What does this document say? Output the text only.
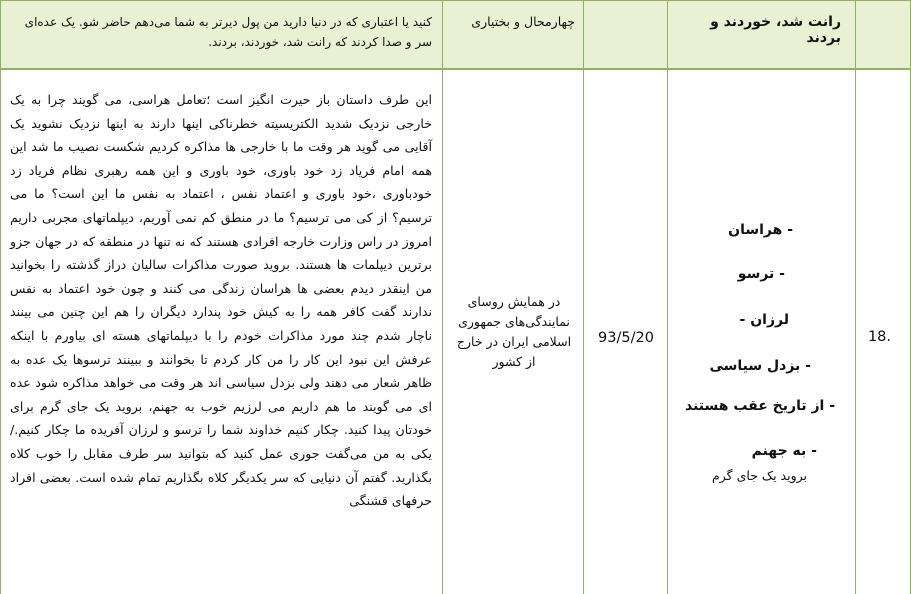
کنید یا اعتباری که در دنیا دارید من پول دیرتر به شما می‌دهم حاضر شو. یک عده‌ای سر و صدا کردند که رانت شد، خوردند، بردند.
چهارمحال و بختیاری	رانت شد، خوردند و بردند
این طرف داستان باز حیرت انگیز است ؛تعامل هراسی، می گویند چرا به یک خارجی نزدیک شدید الکتریسیته خطرناکی اینها دارند به اینها نزدیک نشوید یک آقایی می گوید هر وقت ما با خارجی ها مذاکره کردیم شکست نصیب ما شد این همه امام فریاد زد خود باوری، خود باوری و این همه رهبری نظام فریاد زد خودباوری ،خود باوری و اعتماد نفس ، اعتماد به نفس ما این است؟ ما می ترسیم؟ از کی می ترسیم؟ ما در منطق کم نمی آوریم، دیپلماتهای مجربی داریم امروز در راس وزارت خارجه افرادی هستند که نه تنها در منطقه که در جهان جزو برترین دیپلمات ها هستند. بروید صورت مذاکرات سالیان دراز گذشته را بخوانید من اینقدر دیدم بعضی ها هراسان زندگی می کنند و چون خود اعتماد به نفس ندارند گفت کافر همه را به کیش خود پندارد دیگران را هم این چنین می بینند ناچار شدم چند مورد مذاکرات خودم را با دیپلماتهای هسته ای بیاورم با اینکه عرفش این نبود این کار را من کار کردم تا بخوانند و ببینند ترسوها یک عده به ظاهر شعار می دهند ولی بزدل سیاسی اند هر وقت می خواهد مذاکره شود عده ای می گویند ما هم داریم می لرزیم خوب به جهنم، بروید یک جای گرم برای خودتان پیدا کنید. چکار کنیم خداوند شما را ترسو و لرزان آفریده ما چکار کنیم./ یکی به من می‌گفت جوری عمل کنید که بتوانید سر طرف مقابل را خوب کلاه بگذارید. گفتم آن دنیایی که سر یکدیگر کلاه بگذاریم تمام شده است. بعضی افراد حرفهای قشنگی
در همایش روسای نمایندگی‌های جمهوری اسلامی ایران در خارج از کشور
93/5/20
- هراسان
- ترسو
لرزان -
- بزدل سیاسی
- از تاریخ عقب هستند
- به جهنم
بروید یک جای گرم
18.
